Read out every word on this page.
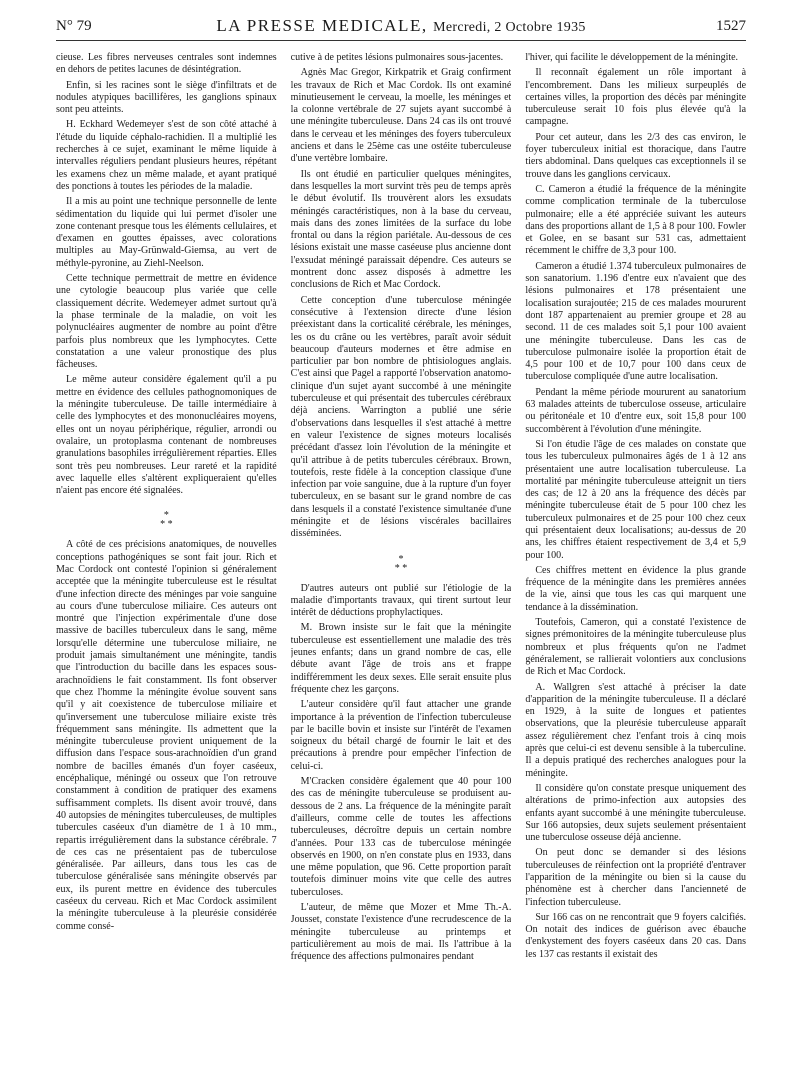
N° 79	LA PRESSE MEDICALE, Mercredi, 2 Octobre 1935	1527

cieuse. Les fibres nerveuses centrales sont indemnes en dehors de petites lacunes de désintégration.

Enfin, si les racines sont le siège d'infiltrats et de nodules atypiques bacillifères, les ganglions spinaux sont peu atteints.

H. Eckhard Wedemeyer s'est de son côté attaché à l'étude du liquide céphalo-rachidien. Il a multiplié les recherches à ce sujet, examinant le même liquide à intervalles réguliers pendant plusieurs heures, répétant les examens chez un même malade, et ayant pratiqué des ponctions à toutes les périodes de la maladie.

Il a mis au point une technique personnelle de lente sédimentation du liquide qui lui permet d'isoler une zone contenant presque tous les éléments cellulaires, et d'examen en gouttes épaisses, avec colorations multiples au May-Grünwald-Giemsa, au vert de méthyle-pyronine, au Ziehl-Neelson.

Cette technique permettrait de mettre en évidence une cytologie beaucoup plus variée que celle classiquement décrite. Wedemeyer admet surtout qu'à la phase terminale de la maladie, on voit les polynucléaires augmenter de nombre au point d'être parfois plus nombreux que les lymphocytes. Cette constatation a une valeur pronostique des plus fâcheuses.

Le même auteur considère également qu'il a pu mettre en évidence des cellules pathognomoniques de la méningite tuberculeuse. De taille intermédiaire à celle des lymphocytes et des mononucléaires moyens, elles ont un noyau périphérique, régulier, arrondi ou ovalaire, un protoplasma contenant de nombreuses granulations basophiles irrégulièrement réparties. Elles sont très peu nombreuses. Leur rareté et la rapidité avec laquelle elles s'altèrent expliqueraient qu'elles n'aient pas encore été signalées.

*
* *

A côté de ces précisions anatomiques, de nouvelles conceptions pathogéniques se sont fait jour. Rich et Mac Cordock ont contesté l'opinion si généralement acceptée que la méningite tuberculeuse est le résultat d'une infection directe des méninges par voie sanguine au cours d'une tuberculose miliaire. Ces auteurs ont montré que l'injection expérimentale d'une dose massive de bacilles tuberculeux dans le sang, même lorsqu'elle détermine une tuberculose miliaire, ne produit jamais simultanément une méningite, tandis que l'introduction du bacille dans les espaces sous-arachnoïdiens le fait constamment. Ils font observer que chez l'homme la méningite évolue souvent sans qu'il y ait coexistence de tuberculose miliaire et qu'inversement une tuberculose miliaire existe très fréquemment sans méningite. Ils admettent que la méningite tuberculeuse provient uniquement de la diffusion dans l'espace sous-arachnoïdien d'un grand nombre de bacilles émanés d'un foyer caséeux, encéphalique, méningé ou osseux que l'on retrouve constamment à condition de pratiquer des examens suffisamment complets. Ils disent avoir trouvé, dans 40 autopsies de méningites tuberculeuses, de multiples tubercules caséeux d'un diamètre de 1 à 10 mm., repartis irrégulièrement dans la substance cérébrale. 7 de ces cas ne présentaient pas de tuberculose généralisée. Par ailleurs, dans tous les cas de tuberculose généralisée sans méningite observés par eux, ils purent mettre en évidence des tubercules caséeux du cerveau. Rich et Mac Cordock assimilent la méningite tuberculeuse à la pleurésie considérée comme consé-

cutive à de petites lésions pulmonaires sous-jacentes.

Agnès Mac Gregor, Kirkpatrik et Graig confirment les travaux de Rich et Mac Cordok. Ils ont examiné minutieusement le cerveau, la moelle, les méninges et la colonne vertébrale de 27 sujets ayant succombé à une méningite tuberculeuse. Dans 24 cas ils ont trouvé dans le cerveau et les méninges des foyers tuberculeux anciens et dans le 25ème cas une ostéite tuberculeuse d'une vertèbre lombaire.

Ils ont étudié en particulier quelques méningites, dans lesquelles la mort survint très peu de temps après le début évolutif. Ils trouvèrent alors les exsudats méningés caractéristiques, non à la base du cerveau, mais dans des zones limitées de la surface du lobe frontal ou dans la région pariétale. Au-dessous de ces lésions existait une masse caséeuse plus ancienne dont l'exsudat méningé paraissait dépendre. Ces auteurs se montrent donc assez disposés à admettre les conclusions de Rich et Mac Cordock.

Cette conception d'une tuberculose méningée consécutive à l'extension directe d'une lésion préexistant dans la corticalité cérébrale, les méninges, les os du crâne ou les vertèbres, paraît avoir séduit beaucoup d'auteurs modernes et être admise en particulier par bon nombre de phtisiologues anglais. C'est ainsi que Pagel a rapporté l'observation anatomo-clinique d'un sujet ayant succombé à une méningite tuberculeuse et qui présentait des tubercules cérébraux déjà anciens. Warrington a publié une série d'observations dans lesquelles il s'est attaché à mettre en valeur l'existence de signes moteurs localisés précédant d'assez loin l'évolution de la méningite et qu'il attribue à de petits tubercules cérébraux. Brown, toutefois, reste fidèle à la conception classique d'une infection par voie sanguine, due à la rupture d'un foyer tuberculeux, en se basant sur le grand nombre de cas dans lesquels il a constaté l'existence simultanée d'une méningite et de lésions viscérales bacillaires disséminées.

*
* *

D'autres auteurs ont publié sur l'étiologie de la maladie d'importants travaux, qui tirent surtout leur intérêt de déductions prophylactiques.

M. Brown insiste sur le fait que la méningite tuberculeuse est essentiellement une maladie des très jeunes enfants; dans un grand nombre de cas, elle débute avant l'âge de trois ans et frappe indifféremment les deux sexes. Elle serait ensuite plus fréquente chez les garçons.

L'auteur considère qu'il faut attacher une grande importance à la prévention de l'infection tuberculeuse par le bacille bovin et insiste sur l'intérêt de l'examen soigneux du bétail chargé de fournir le lait et des précautions à prendre pour empêcher l'infection de celui-ci.

M'Cracken considère également que 40 pour 100 des cas de méningite tuberculeuse se produisent au-dessous de 2 ans. La fréquence de la méningite paraît d'ailleurs, comme celle de toutes les affections tuberculeuses, décroître depuis un certain nombre d'années. Pour 133 cas de tuberculose méningée observés en 1900, on n'en constate plus en 1933, dans une même population, que 96. Cette proportion paraît toutefois diminuer moins vite que celle des autres tuberculoses.

L'auteur, de même que Mozer et Mme Th.-A. Jousset, constate l'existence d'une recrudescence de la méningite tuberculeuse au printemps et particulièrement au mois de mai. Ils l'attribue à la fréquence des affections pulmonaires pendant

l'hiver, qui facilite le développement de la méningite.

Il reconnaît également un rôle important à l'encombrement. Dans les milieux surpeuplés de certaines villes, la proportion des décès par méningite tuberculeuse serait 10 fois plus élevée qu'à la campagne.

Pour cet auteur, dans les 2/3 des cas environ, le foyer tuberculeux initial est thoracique, dans l'autre tiers abdominal. Dans quelques cas exceptionnels il se trouve dans les ganglions cervicaux.

C. Cameron a étudié la fréquence de la méningite comme complication terminale de la tuberculose pulmonaire; elle a été appréciée suivant les auteurs dans des proportions allant de 1,5 à 8 pour 100. Fowler et Golee, en se basant sur 531 cas, admettaient récemment le chiffre de 3,3 pour 100.

Cameron a étudié 1.374 tuberculeux pulmonaires de son sanatorium. 1.196 d'entre eux n'avaient que des lésions pulmonaires et 178 présentaient une localisation surajoutée; 215 de ces malades moururent dont 187 appartenaient au premier groupe et 28 au second. 11 de ces malades soit 5,1 pour 100 avaient une méningite tuberculeuse. Dans les cas de tuberculose pulmonaire isolée la proportion était de 4,5 pour 100 et de 10,7 pour 100 dans ceux de tuberculose compliquée d'une autre localisation.

Pendant la même période moururent au sanatorium 63 malades atteints de tuberculose osseuse, articulaire ou péritonéale et 10 d'entre eux, soit 15,8 pour 100 succombèrent à l'évolution d'une méningite.

Si l'on étudie l'âge de ces malades on constate que tous les tuberculeux pulmonaires âgés de 1 à 12 ans présentaient une autre localisation tuberculeuse. La mortalité par méningite tuberculeuse atteignit un tiers des cas; de 12 à 20 ans la fréquence des décès par méningite tuberculeuse était de 5 pour 100 chez les tuberculeux pulmonaires et de 25 pour 100 chez ceux qui présentaient deux localisations; au-dessus de 20 ans, les chiffres étaient respectivement de 3,4 et 5,9 pour 100.

Ces chiffres mettent en évidence la plus grande fréquence de la méningite dans les premières années de la vie, ainsi que tous les cas qui marquent une tendance à la dissémination.

Toutefois, Cameron, qui a constaté l'existence de signes prémonitoires de la méningite tuberculeuse plus nombreux et plus fréquents qu'on ne l'admet généralement, se rallierait volontiers aux conclusions de Rich et Mac Cordock.

A. Wallgren s'est attaché à préciser la date d'apparition de la méningite tuberculeuse. Il a déclaré en 1929, à la suite de longues et patientes observations, que la pleurésie tuberculeuse apparaît assez régulièrement chez l'enfant trois à cinq mois après que celui-ci est devenu sensible à la tuberculine. Il a depuis pratiqué des recherches analogues pour la méningite.

Il considère qu'on constate presque uniquement des altérations de primo-infection aux autopsies des enfants ayant succombé à une méningite tuberculeuse. Sur 166 autopsies, deux sujets seulement présentaient une tuberculose osseuse déjà ancienne.

On peut donc se demander si des lésions tuberculeuses de réinfection ont la propriété d'entraver l'apparition de la méningite ou bien si la cause du phénomène est à chercher dans l'ancienneté de l'infection tuberculeuse.

Sur 166 cas on ne rencontrait que 9 foyers calcifiés. On notait des indices de guérison avec ébauche d'enkystement des foyers caséeux dans 20 cas. Dans les 137 cas restants il existait des
